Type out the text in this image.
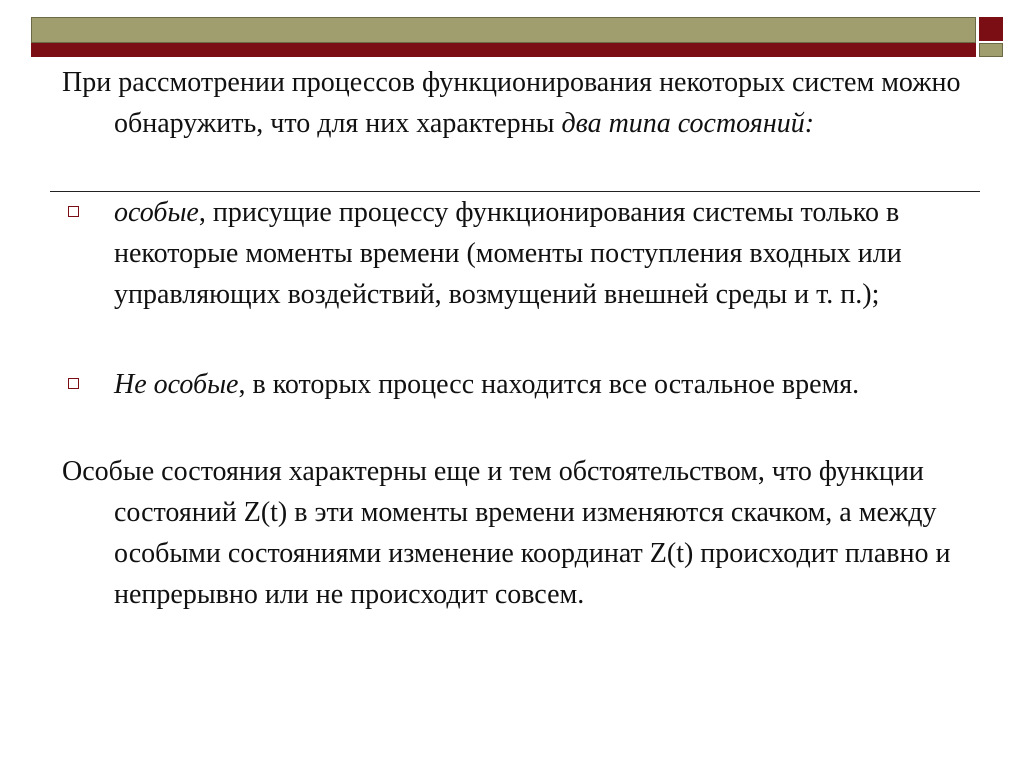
При рассмотрении процессов функционирования некоторых систем можно обнаружить, что для них характерны два типа состояний:
особые, присущие процессу функционирования системы только в некоторые моменты времени (моменты поступления входных или управляющих воздействий, возмущений внешней среды и т. п.);
Не особые, в которых процесс находится все остальное время.
Особые состояния характерны еще и тем обстоятельством, что функции состояний Z(t) в эти моменты времени изменяются скачком, а между особыми состояниями изменение координат Z(t) происходит плавно и непрерывно или не происходит совсем.
